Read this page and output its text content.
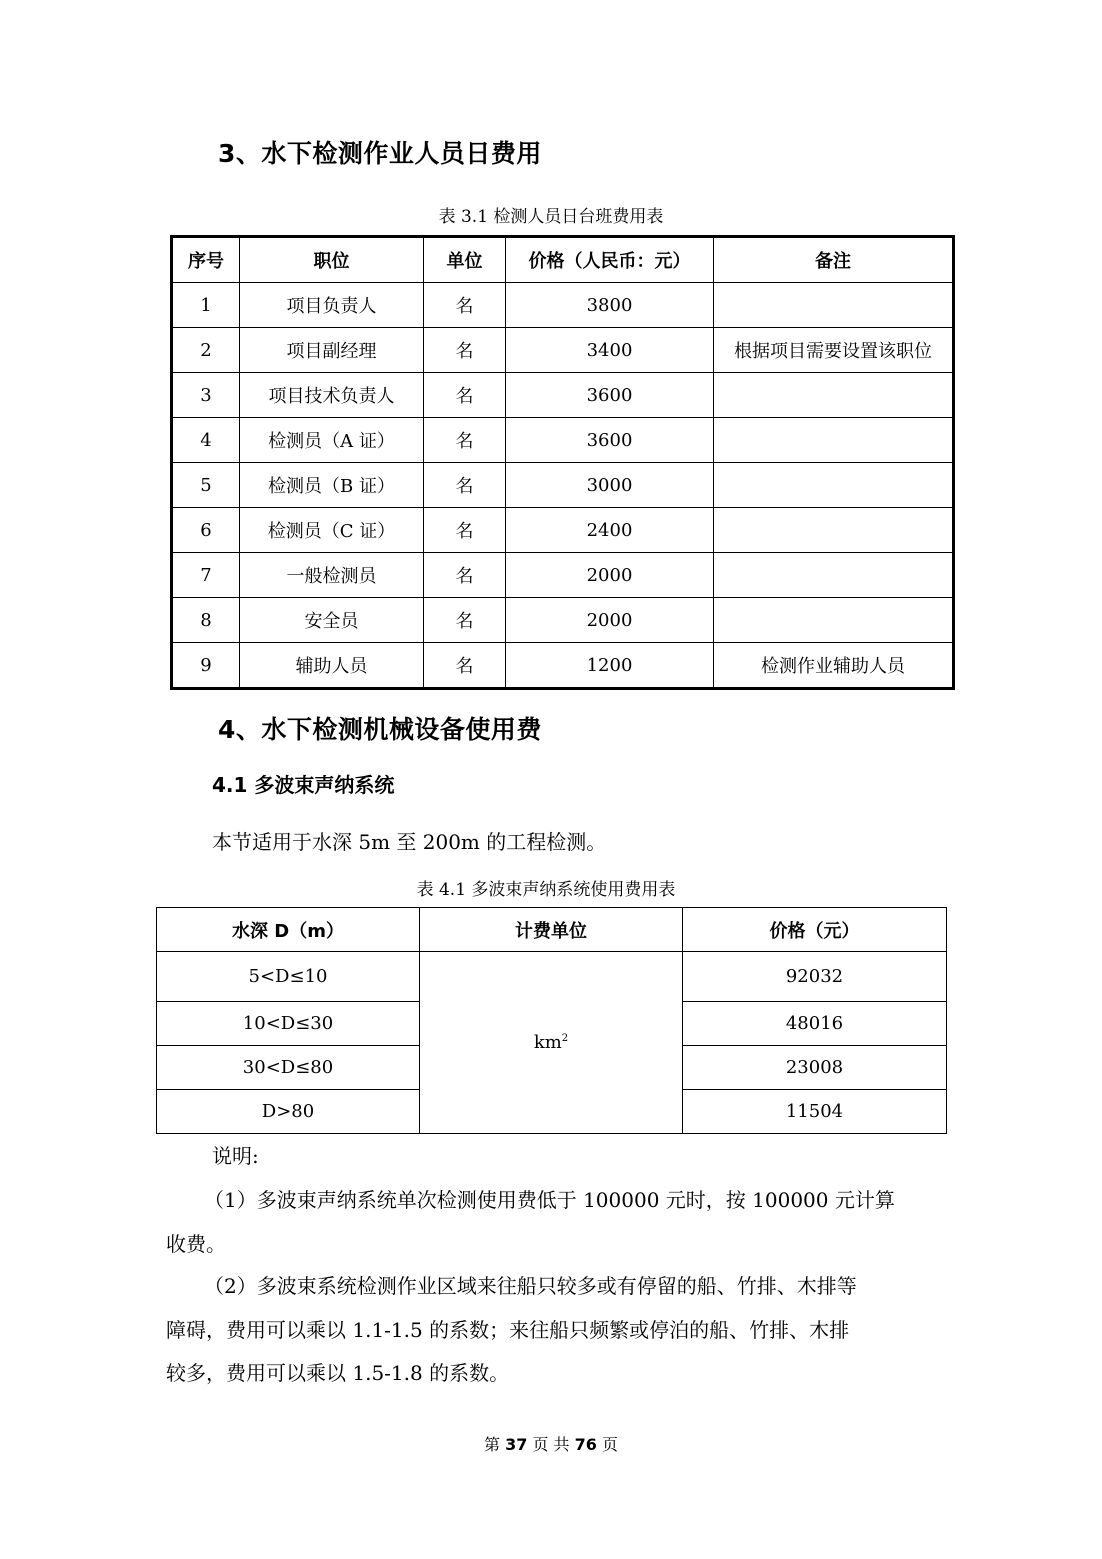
3、水下检测作业人员日费用
表 3.1 检测人员日台班费用表
序号	职位	单位	价格（人民币：元）	备注
1	项目负责人	名	3800	
2	项目副经理	名	3400	根据项目需要设置该职位
3	项目技术负责人	名	3600	
4	检测员（A 证）	名	3600	
5	检测员（B 证）	名	3000	
6	检测员（C 证）	名	2400	
7	一般检测员	名	2000	
8	安全员	名	2000	
9	辅助人员	名	1200	检测作业辅助人员
4、水下检测机械设备使用费
4.1 多波束声纳系统
本节适用于水深 5m 至 200m 的工程检测。
表 4.1 多波束声纳系统使用费用表
水深 D（m）	计费单位	价格（元）
5<D≤10	$km^2$	92032
10<D≤30		48016
30<D≤80		23008
D>80		11504
说明:
（1）多波束声纳系统单次检测使用费低于 100000 元时，按 100000 元计算
收费。
（2）多波束系统检测作业区域来往船只较多或有停留的船、竹排、木排等
障碍，费用可以乘以 1.1-1.5 的系数；来往船只频繁或停泊的船、竹排、木排
较多，费用可以乘以 1.5-1.8 的系数。
第 37 页 共 76 页
